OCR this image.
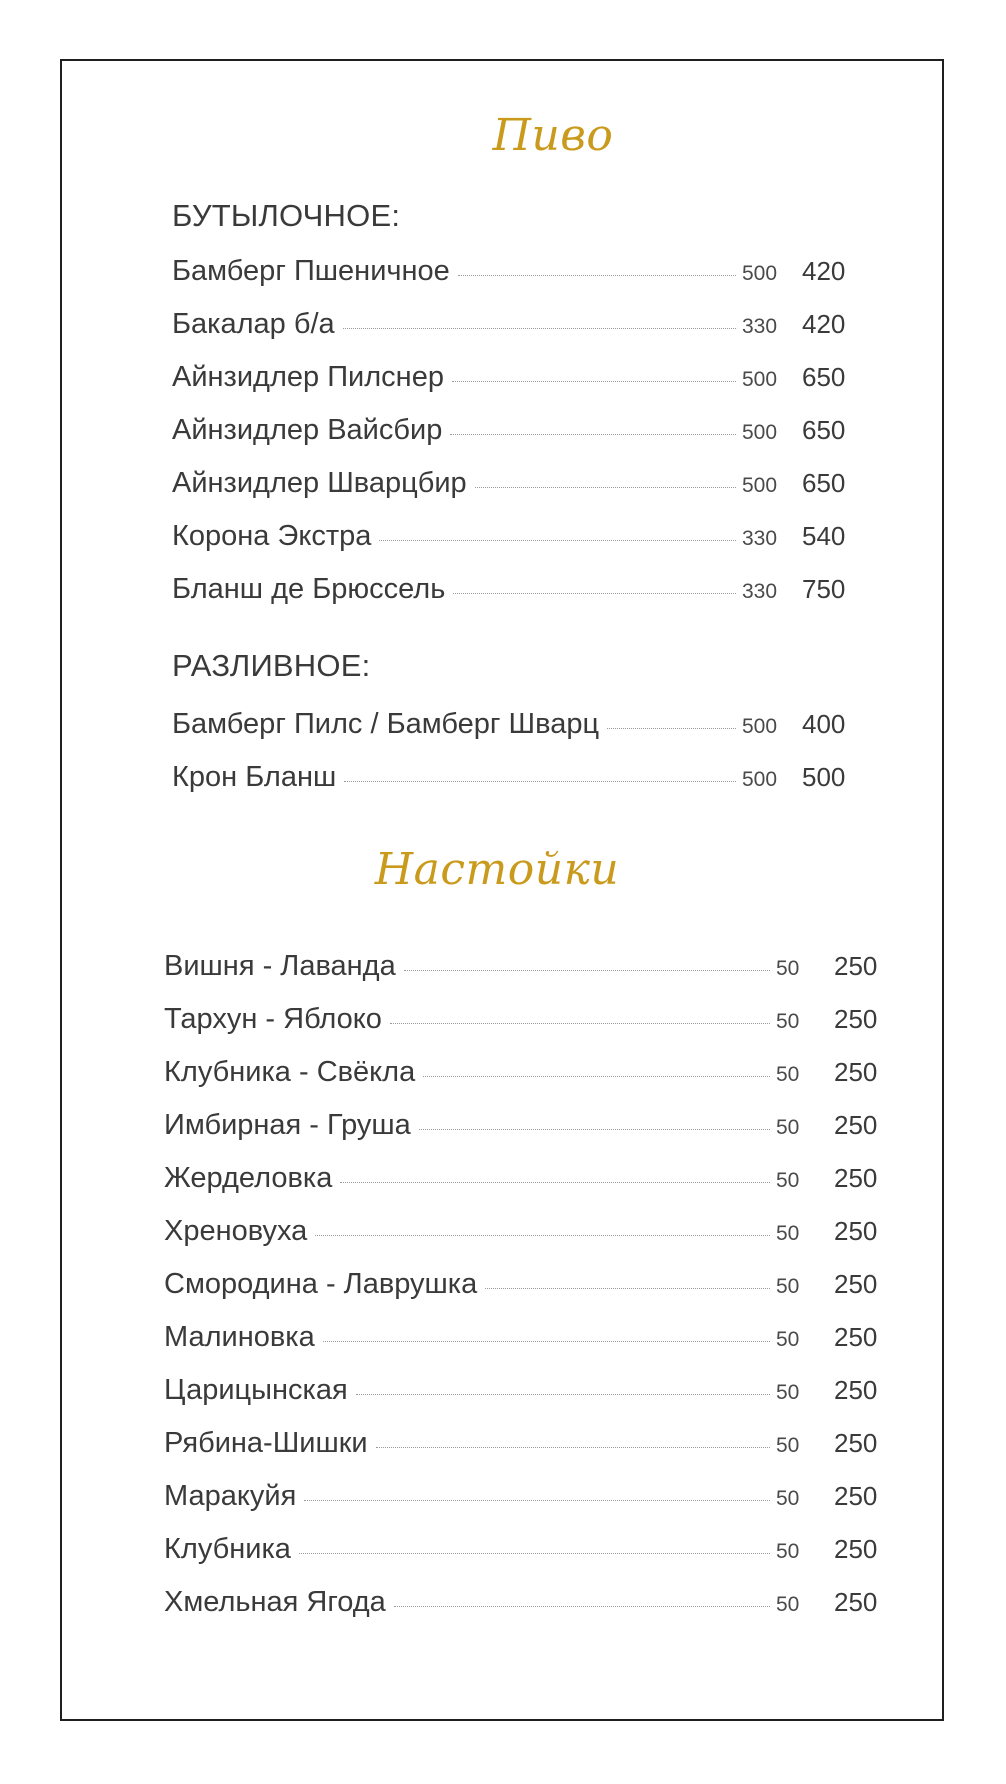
Пиво
БУТЫЛОЧНОЕ:
Бамберг Пшеничное	500 420
Бакалар б/а	330 420
Айнзидлер Пилснер	500 650
Айнзидлер Вайсбир	500 650
Айнзидлер Шварцбир	500 650
Корона Экстра	330 540
Бланш де Брюссель	330 750
РАЗЛИВНОЕ:
Бамберг Пилс / Бамберг Шварц	500 400
Крон Бланш	500 500
Настойки
Вишня - Лаванда	50	250
Тархун - Яблоко	50	250
Клубника - Свёкла	50	250
Имбирная - Груша	50	250
Жерделовка	50	250
Хреновуха	50	250
Смородина - Лаврушка	50	250
Малиновка	50	250
Царицынская	50	250
Рябина-Шишки	50	250
Маракуйя	50	250
Клубника	50	250
Хмельная Ягода	50	250
